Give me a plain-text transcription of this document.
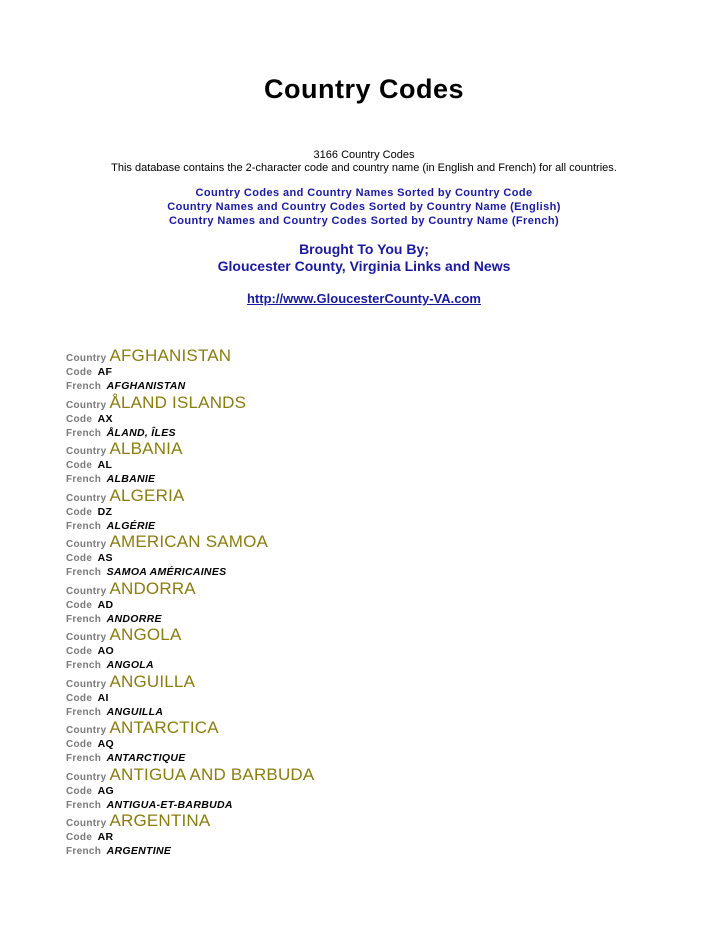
Country Codes
3166 Country Codes
This database contains the 2-character code and country name (in English and French) for all countries.
Country Codes and Country Names Sorted by Country Code
Country Names and Country Codes Sorted by Country Name (English)
Country Names and Country Codes Sorted by Country Name (French)
Brought To You By;
Gloucester County, Virginia Links and News
http://www.GloucesterCounty-VA.com
Country AFGHANISTAN
Code AF
French AFGHANISTAN
Country ÅLAND ISLANDS
Code AX
French ÅLAND, ÎLES
Country ALBANIA
Code AL
French ALBANIE
Country ALGERIA
Code DZ
French ALGÉRIE
Country AMERICAN SAMOA
Code AS
French SAMOA AMÉRICAINES
Country ANDORRA
Code AD
French ANDORRE
Country ANGOLA
Code AO
French ANGOLA
Country ANGUILLA
Code AI
French ANGUILLA
Country ANTARCTICA
Code AQ
French ANTARCTIQUE
Country ANTIGUA AND BARBUDA
Code AG
French ANTIGUA-ET-BARBUDA
Country ARGENTINA
Code AR
French ARGENTINE
